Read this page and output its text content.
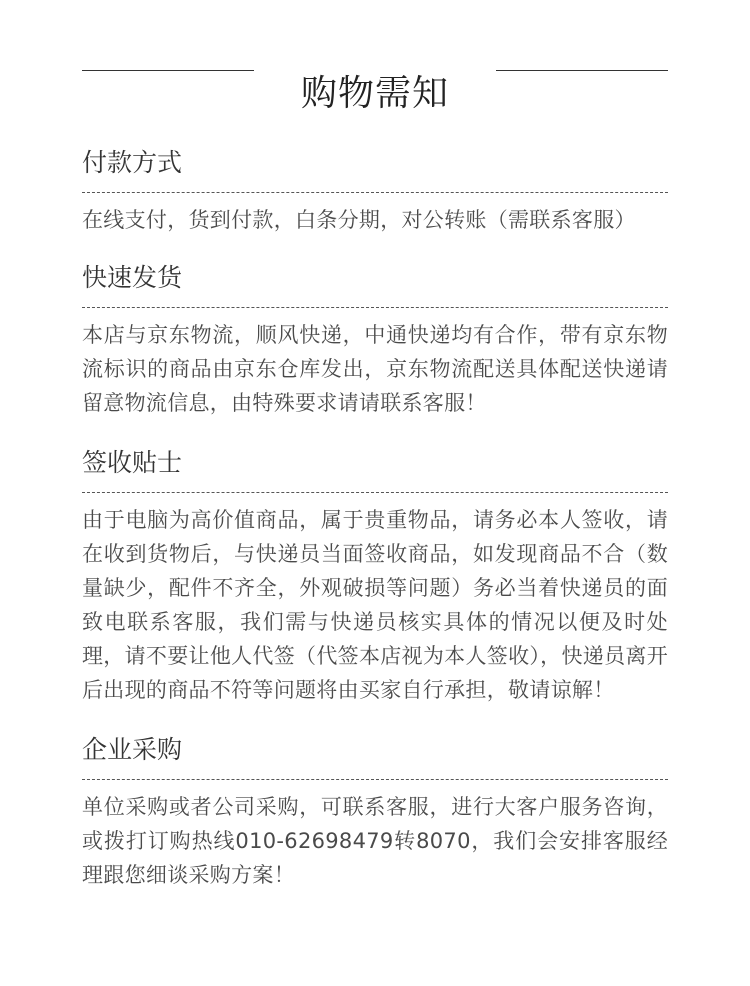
购物需知
付款方式

在线支付，货到付款，白条分期，对公转账（需联系客服）

快速发货

本店与京东物流，顺风快递，中通快递均有合作，带有京东物流标识的商品由京东仓库发出，京东物流配送具体配送快递请留意物流信息，由特殊要求请请联系客服！

签收贴士

由于电脑为高价值商品，属于贵重物品，请务必本人签收，请在收到货物后，与快递员当面签收商品，如发现商品不合（数量缺少，配件不齐全，外观破损等问题）务必当着快递员的面致电联系客服，我们需与快递员核实具体的情况以便及时处理，请不要让他人代签（代签本店视为本人签收），快递员离开后出现的商品不符等问题将由买家自行承担，敬请谅解！

企业采购

单位采购或者公司采购，可联系客服，进行大客户服务咨询，或拨打订购热线010-62698479转8070，我们会安排客服经理跟您细谈采购方案！
